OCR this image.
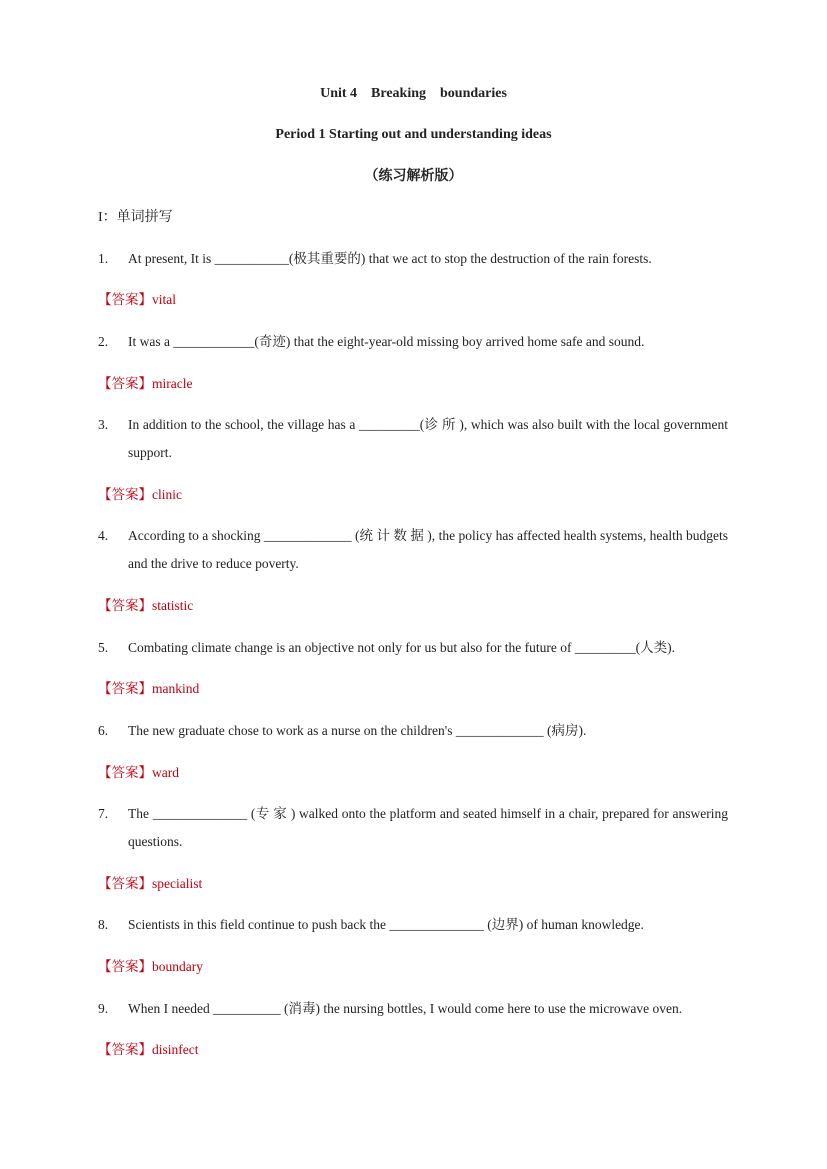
Unit 4    Breaking    boundaries
Period 1 Starting out and understanding ideas
（练习解析版）
I：单词拼写
1. At present, It is ___________(极其重要的) that we act to stop the destruction of the rain forests.
【答案】vital
2. It was a ____________(奇迹) that the eight-year-old missing boy arrived home safe and sound.
【答案】miracle
3. In addition to the school, the village has a _________(诊 所 ), which was also built with the local government support.
【答案】clinic
4. According to a shocking _____________ (统 计 数 据 ), the policy has affected health systems, health budgets and the drive to reduce poverty.
【答案】statistic
5. Combating climate change is an objective not only for us but also for the future of _________(人类).
【答案】mankind
6. The new graduate chose to work as a nurse on the children's _____________ (病房).
【答案】ward
7. The ______________ (专 家 ) walked onto the platform and seated himself in a chair, prepared for answering questions.
【答案】specialist
8. Scientists in this field continue to push back the ______________ (边界) of human knowledge.
【答案】boundary
9. When I needed __________ (消毒) the nursing bottles, I would come here to use the microwave oven.
【答案】disinfect
